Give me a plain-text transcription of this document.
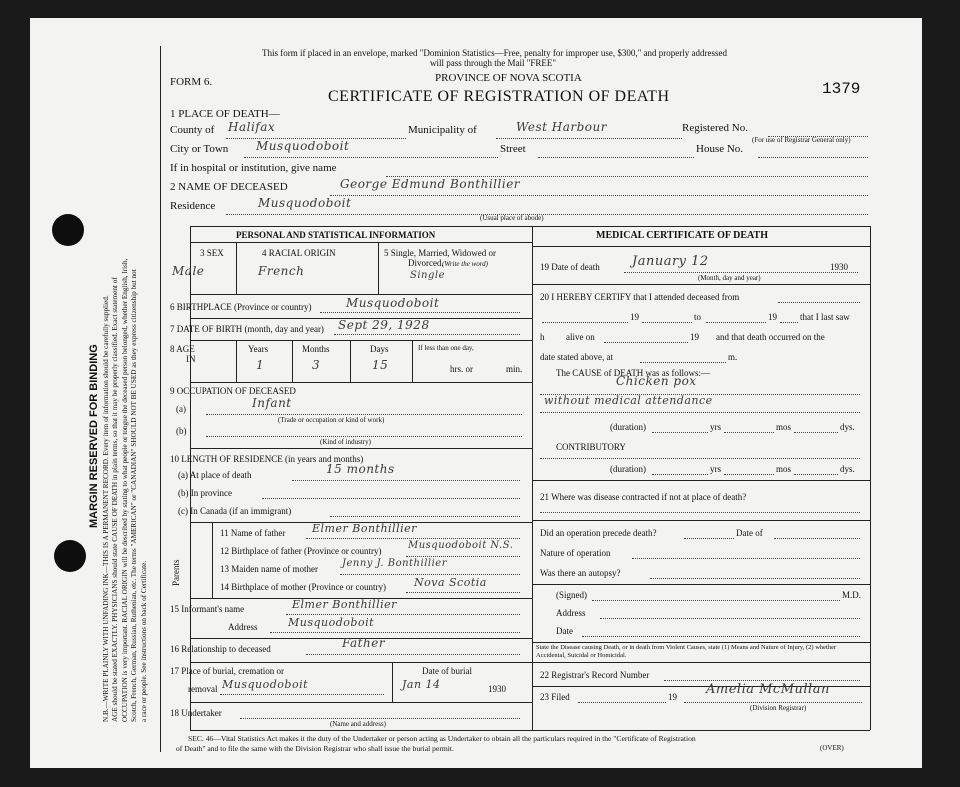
MARGIN RESERVED FOR BINDING N.B.—WRITE PLAINLY WITH UNFADING INK—THIS IS A PERMANENT RECORD. Every item of information should be carefully supplied. AGE should be stated EXACTLY. PHYSICIANS should state CAUSE OF DEATH in plain terms, so that it may be properly classified. Exact statement of OCCUPATION is very important. RACIAL ORIGIN will be described by stating to what people or tongue the deceased person belonged, whether English, Irish, Scotch, French, German, Russian, Ruthenian, etc. The terms "AMERICAN" or "CANADIAN" SHOULD NOT BE USED as they express citizenship but not a race or people. See instructions on back of Certificate.
This form if placed in an envelope, marked "Dominion Statistics—Free, penalty for improper use, $300," and properly addressed
will pass through the Mail "FREE"
FORM 6.	PROVINCE OF NOVA SCOTIA
CERTIFICATE OF REGISTRATION OF DEATH	1379
1 PLACE OF DEATH—
County of Halifax	Municipality of	West Harbour	Registered No.
(For use of Registrar General only)
City or Town Musquodoboit	Street	House No.
If in hospital or institution, give name
2 NAME OF DECEASED	George Edmund Bonthillier
Residence	Musquodoboit
(Usual place of abode)
PERSONAL AND STATISTICAL INFORMATION
3 SEX
Male
4 RACIAL ORIGIN
French
5 Single, Married, Widowed or
Divorced.
(Write the word)
Single
6 BIRTHPLACE (Province or country)	Musquodoboit
7 DATE OF BIRTH (month, day and year) Sept 29, 1928
8 AGE
IN
Years
1
Months
3
Days
15
If less than one day,
hrs. or	min.
9 OCCUPATION OF DECEASED
(a)	Infant
(Trade or occupation or kind of work)
(b)
(Kind of industry)
10 LENGTH OF RESIDENCE (in years and months)
(a) At place of death	15 months
(b) In province
(c) In Canada (if an immigrant)
Parents
11 Name of father Elmer Bonthillier
12 Birthplace of father (Province or country)	Musquodoboit N.S.
13 Maiden name of mother Jenny J. Bonthillier
14 Birthplace of mother (Province or country)	Nova Scotia
15 Informant's name	Elmer Bonthillier
Address	Musquodoboit
16 Relationship to deceased	Father
17 Place of burial, cremation or
removal Musquodoboit
Date of burial
Jan 14	1930
18 Undertaker
(Name and address)
MEDICAL CERTIFICATE OF DEATH
19 Date of death January 12	1930
(Month, day and year)
20 I HEREBY CERTIFY that I attended deceased from
19	to	19	that I last saw
h alive on	19 and that death occurred on the
date stated above, at	m.
The CAUSE of DEATH was as follows:—
Chicken pox
without medical attendance
(duration)	yrs	mos	dys.
CONTRIBUTORY
(duration)	yrs	mos	dys.
21 Where was disease contracted if not at place of death?
Did an operation precede death?	Date of
Nature of operation
Was there an autopsy?
(Signed)	M.D.
Address
Date
State the Disease causing Death, or in death from Violent Causes, state (1) Means and Nature of Injury, (2) whether Accidental, Suicidal or Homicidal.
22 Registrar's Record Number
23 Filed	19 Amelia McMullan
(Division Registrar)
SEC. 46—Vital Statistics Act makes it the duty of the Undertaker or person acting as Undertaker to obtain all the particulars required in the "Certificate of Registration
of Death" and to file the same with the Division Registrar who shall issue the burial permit.	(OVER)
